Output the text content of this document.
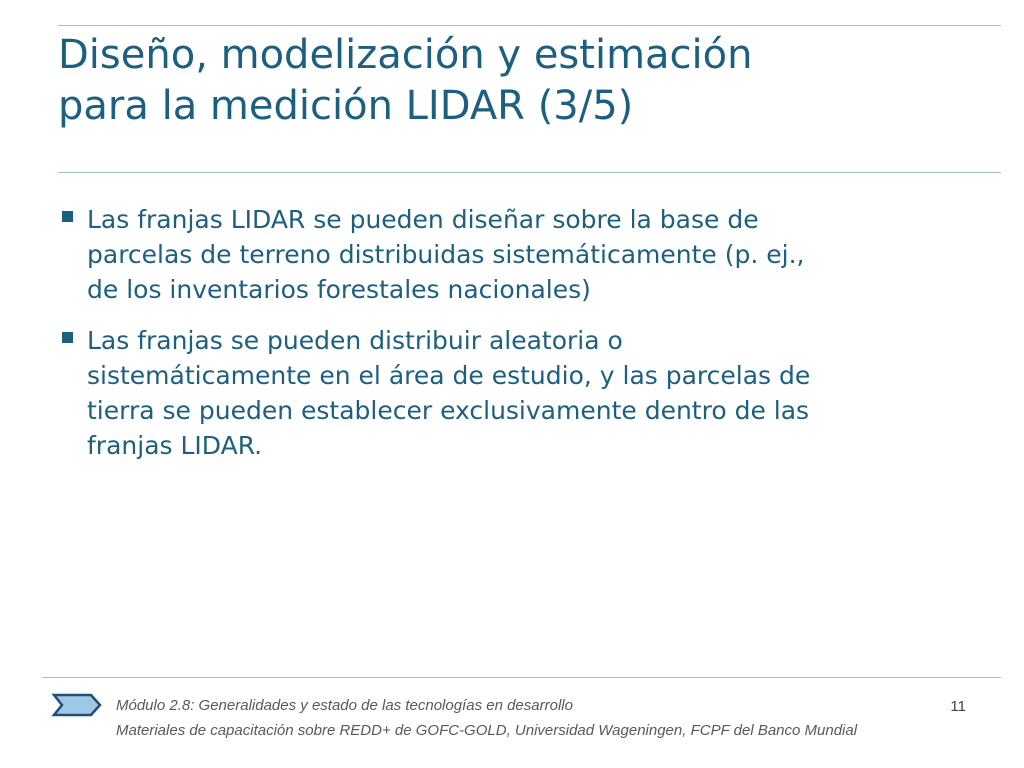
Diseño, modelización y estimación
para la medición LIDAR (3/5)
Las franjas LIDAR se pueden diseñar sobre la base de
parcelas de terreno distribuidas sistemáticamente (p. ej.,
de los inventarios forestales nacionales)
Las franjas se pueden distribuir aleatoria o
sistemáticamente en el área de estudio, y las parcelas de
tierra se pueden establecer exclusivamente dentro de las
franjas LIDAR.
Módulo 2.8: Generalidades y estado de las tecnologías en desarrollo	11
Materiales de capacitación sobre REDD+ de GOFC-GOLD, Universidad Wageningen, FCPF del Banco Mundial
